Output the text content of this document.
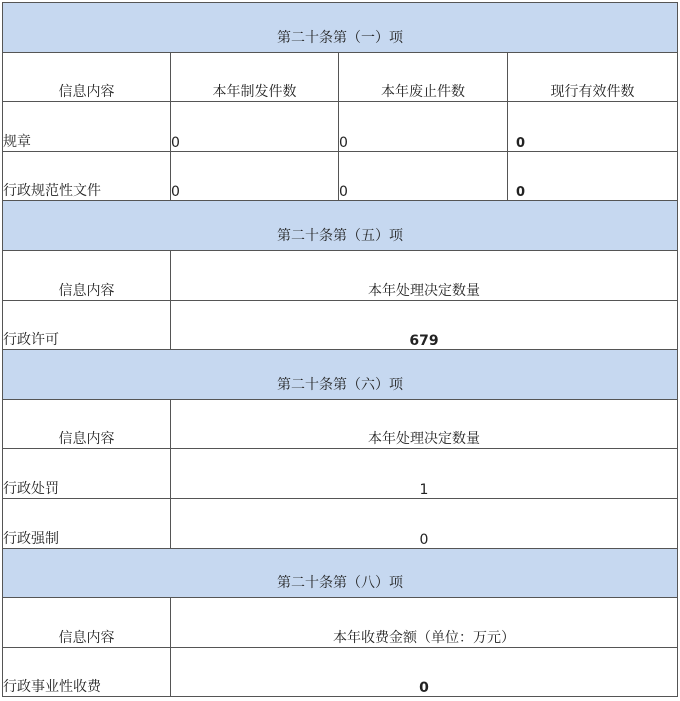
第二十条第（一）项			
信息内容	本年制发件数	本年废止件数	现行有效件数
规章	0	0	0
行政规范性文件	0	0	0
第二十条第（五）项			
信息内容	本年处理决定数量		
行政许可	679		
第二十条第（六）项			
信息内容	本年处理决定数量		
行政处罚	1		
行政强制	0		
第二十条第（八）项			
信息内容	本年收费金额（单位：万元）		
行政事业性收费	0		
